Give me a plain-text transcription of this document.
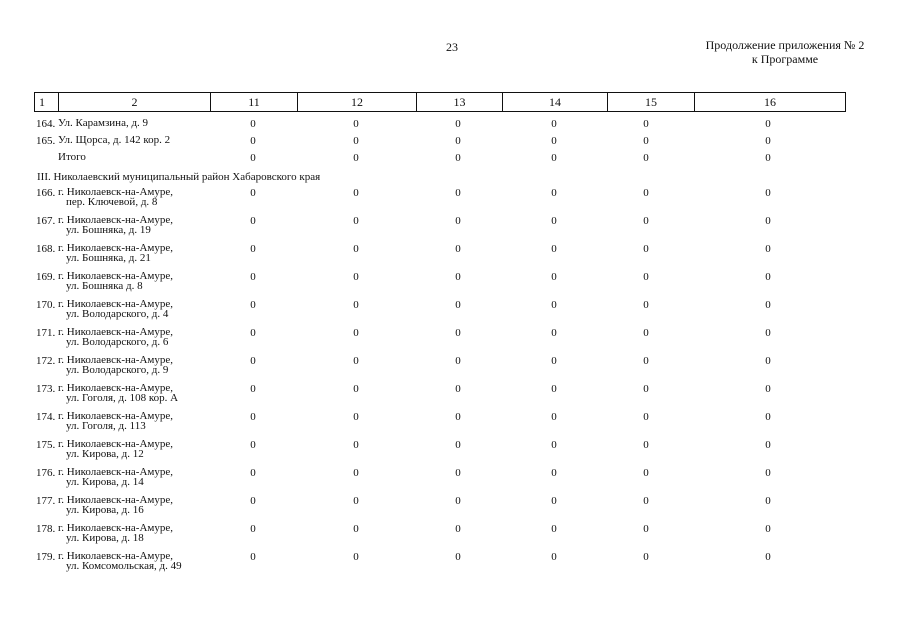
23	Продолжение приложения № 2
к Программе
1	2	11	12	13	14	15	16
164. Ул. Карамзина, д. 9	0	0	0	0	0	0
165. Ул. Щорса, д. 142 кор. 2	0	0	0	0	0	0
Итого	0	0	0	0	0	0
III. Николаевский муниципальный район Хабаровского края
166. г. Николаевск-на-Амуре,
пер. Ключевой, д. 8
0	0	0	0	0	0
167. г. Николаевск-на-Амуре,
ул. Бошняка, д. 19
0	0	0	0	0	0
168. г. Николаевск-на-Амуре,
ул. Бошняка, д. 21
0	0	0	0	0	0
169. г. Николаевск-на-Амуре,
ул. Бошняка д. 8
0	0	0	0	0	0
170. г. Николаевск-на-Амуре,
ул. Володарского, д. 4
0	0	0	0	0	0
171. г. Николаевск-на-Амуре,
ул. Володарского, д. 6
0	0	0	0	0	0
172. г. Николаевск-на-Амуре,
ул. Володарского, д. 9
0	0	0	0	0	0
173. г. Николаевск-на-Амуре,
ул. Гоголя, д. 108 кор. А
0	0	0	0	0	0
174. г. Николаевск-на-Амуре,
ул. Гоголя, д. 113
0	0	0	0	0	0
175. г. Николаевск-на-Амуре,
ул. Кирова, д. 12
0	0	0	0	0	0
176. г. Николаевск-на-Амуре,
ул. Кирова, д. 14
0	0	0	0	0	0
177. г. Николаевск-на-Амуре,
ул. Кирова, д. 16
0	0	0	0	0	0
178. г. Николаевск-на-Амуре,
ул. Кирова, д. 18
0	0	0	0	0	0
179. г. Николаевск-на-Амуре,
ул. Комсомольская, д. 49
0	0	0	0	0	0
